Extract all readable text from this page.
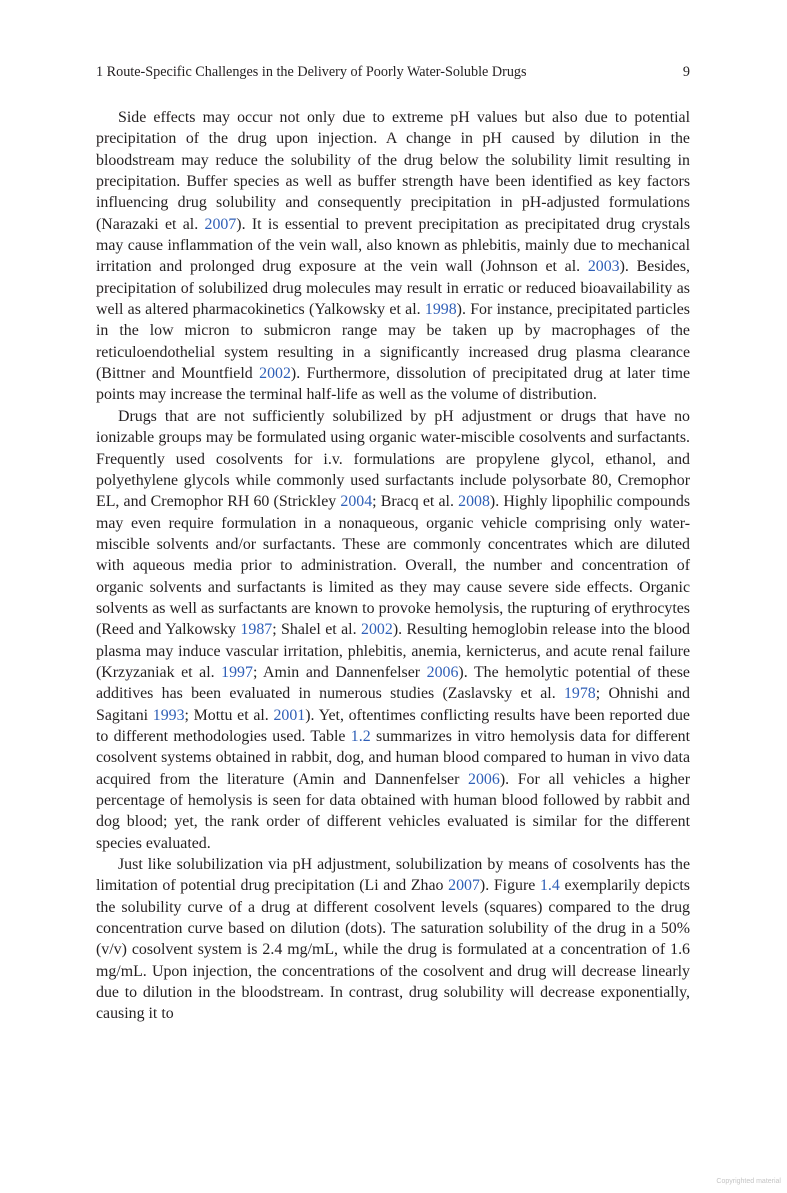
1 Route-Specific Challenges in the Delivery of Poorly Water-Soluble Drugs	9

Side effects may occur not only due to extreme pH values but also due to potential precipitation of the drug upon injection. A change in pH caused by dilution in the bloodstream may reduce the solubility of the drug below the solubility limit resulting in precipitation. Buffer species as well as buffer strength have been identified as key factors influencing drug solubility and consequently precipitation in pH-adjusted formulations (Narazaki et al. 2007). It is essential to prevent precipitation as precipitated drug crystals may cause inflammation of the vein wall, also known as phlebitis, mainly due to mechanical irritation and prolonged drug exposure at the vein wall (Johnson et al. 2003). Besides, precipitation of solubilized drug molecules may result in erratic or reduced bioavailability as well as altered pharmacokinetics (Yalkowsky et al. 1998). For instance, precipitated particles in the low micron to submicron range may be taken up by macrophages of the reticuloendothelial system resulting in a significantly increased drug plasma clearance (Bittner and Mountfield 2002). Furthermore, dissolution of precipitated drug at later time points may increase the terminal half-life as well as the volume of distribution.

Drugs that are not sufficiently solubilized by pH adjustment or drugs that have no ionizable groups may be formulated using organic water-miscible cosolvents and surfactants. Frequently used cosolvents for i.v. formulations are propylene glycol, ethanol, and polyethylene glycols while commonly used surfactants include polysorbate 80, Cremophor EL, and Cremophor RH 60 (Strickley 2004; Bracq et al. 2008). Highly lipophilic compounds may even require formulation in a nonaqueous, organic vehicle comprising only water-miscible solvents and/or surfactants. These are commonly concentrates which are diluted with aqueous media prior to administration. Overall, the number and concentration of organic solvents and surfactants is limited as they may cause severe side effects. Organic solvents as well as surfactants are known to provoke hemolysis, the rupturing of erythrocytes (Reed and Yalkowsky 1987; Shalel et al. 2002). Resulting hemoglobin release into the blood plasma may induce vascular irritation, phlebitis, anemia, kernicterus, and acute renal failure (Krzyzaniak et al. 1997; Amin and Dannenfelser 2006). The hemolytic potential of these additives has been evaluated in numerous studies (Zaslavsky et al. 1978; Ohnishi and Sagitani 1993; Mottu et al. 2001). Yet, oftentimes conflicting results have been reported due to different methodologies used. Table 1.2 summarizes in vitro hemolysis data for different cosolvent systems obtained in rabbit, dog, and human blood compared to human in vivo data acquired from the literature (Amin and Dannenfelser 2006). For all vehicles a higher percentage of hemolysis is seen for data obtained with human blood followed by rabbit and dog blood; yet, the rank order of different vehicles evaluated is similar for the different species evaluated.

Just like solubilization via pH adjustment, solubilization by means of cosolvents has the limitation of potential drug precipitation (Li and Zhao 2007). Figure 1.4 exemplarily depicts the solubility curve of a drug at different cosolvent levels (squares) compared to the drug concentration curve based on dilution (dots). The saturation solubility of the drug in a 50% (v/v) cosolvent system is 2.4 mg/mL, while the drug is formulated at a concentration of 1.6 mg/mL. Upon injection, the concentrations of the cosolvent and drug will decrease linearly due to dilution in the bloodstream. In contrast, drug solubility will decrease exponentially, causing it to

Copyrighted material
